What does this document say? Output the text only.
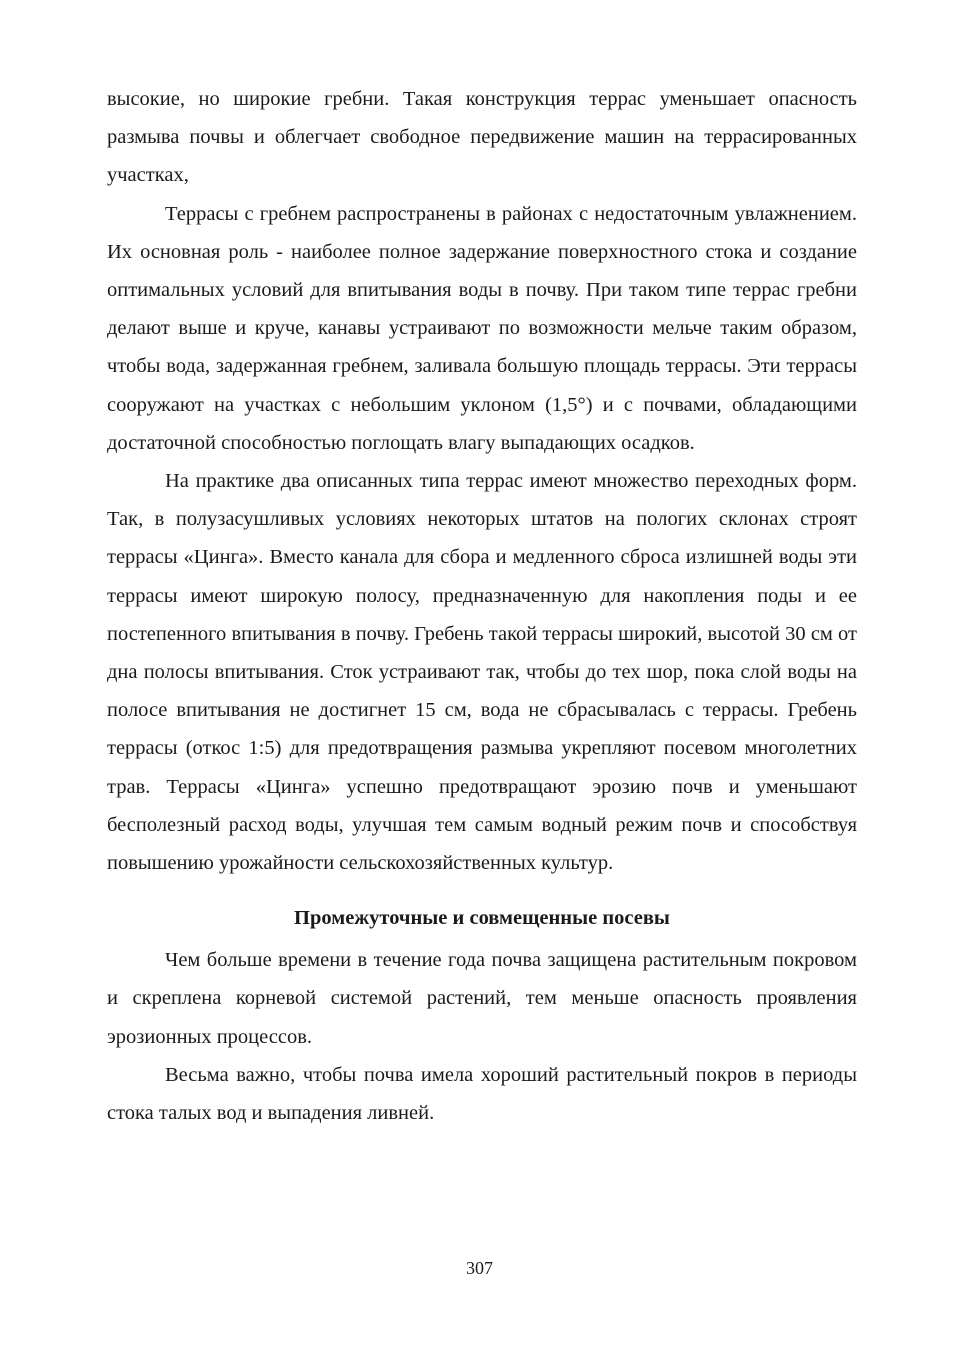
высокие, но широкие гребни. Такая конструкция террас уменьшает опасность размыва почвы и облегчает свободное передвижение машин на террасированных участках,

Террасы с гребнем распространены в районах с недостаточным увлажнением. Их основная роль - наиболее полное задержание поверхностного стока и создание оптимальных условий для впитывания воды в почву. При таком типе террас гребни делают выше и круче, канавы устраивают по возможности мельче таким образом, чтобы вода, задержанная гребнем, заливала большую площадь террасы. Эти террасы сооружают на участках с небольшим уклоном (1,5°) и с почвами, обладающими достаточной способностью поглощать влагу выпадающих осадков.

На практике два описанных типа террас имеют множество переходных форм. Так, в полузасушливых условиях некоторых штатов на пологих склонах строят террасы «Цинга». Вместо канала для сбора и медленного сброса излишней воды эти террасы имеют широкую полосу, предназначенную для накопления поды и ее постепенного впитывания в почву. Гребень такой террасы широкий, высотой 30 см от дна полосы впитывания. Сток устраивают так, чтобы до тех шор, пока слой воды на полосе впитывания не достигнет 15 см, вода не сбрасывалась с террасы. Гребень террасы (откос 1:5) для предотвращения размыва укрепляют посевом многолетних трав. Террасы «Цинга» успешно предотвращают эрозию почв и уменьшают бесполезный расход воды, улучшая тем самым водный режим почв и способствуя повышению урожайности сельскохозяйственных культур.

Промежуточные и совмещенные посевы

Чем больше времени в течение года почва защищена растительным покровом и скреплена корневой системой растений, тем меньше опасность проявления эрозионных процессов.

Весьма важно, чтобы почва имела хороший растительный покров в периоды стока талых вод и выпадения ливней.

307
